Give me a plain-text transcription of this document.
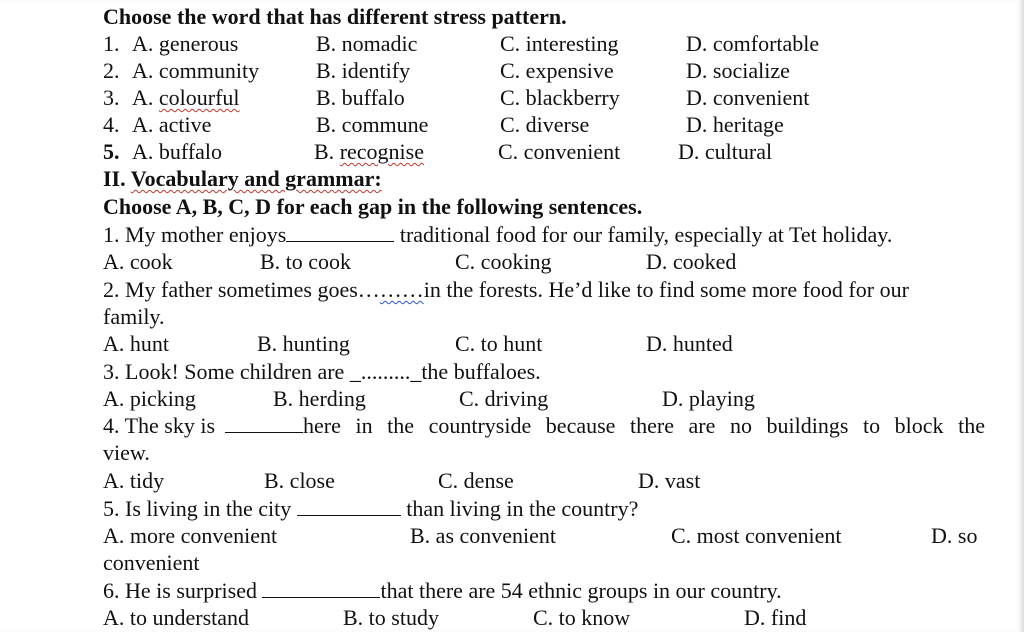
Choose the word that has different stress pattern.
1. A. generous	B. nomadic	C. interesting	D. comfortable
2. A. community	B. identify	C. expensive	D. socialize
3. A. colourful	B. buffalo	C. blackberry	D. convenient
4. A. active	B. commune	C. diverse	D. heritage
5. A. buffalo	B. recognise	C. convenient	D. cultural
II. Vocabulary and grammar:
Choose A, B, C, D for each gap in the following sentences.
1. My mother enjoys	traditional food for our family, especially at Tet holiday.
A. cook	B. to cook	C. cooking	D. cooked
2. My father sometimes goes………in the forests. He’d like to find some more food for our
family.
A. hunt	B. hunting	C. to hunt	D. hunted
3. Look! Some children are _........._the buffaloes.
A. picking	B. herding	C. driving	D. playing
4. The sky is	here in the countryside because there are no buildings to block the
view.
A. tidy	B. close	C. dense	D. vast
5. Is living in the city	than living in the country?
A. more convenient	B. as convenient	C. most convenient	D. so
convenient
6. He is surprised	that there are 54 ethnic groups in our country.
A. to understand	B. to study	C. to know	D. find
